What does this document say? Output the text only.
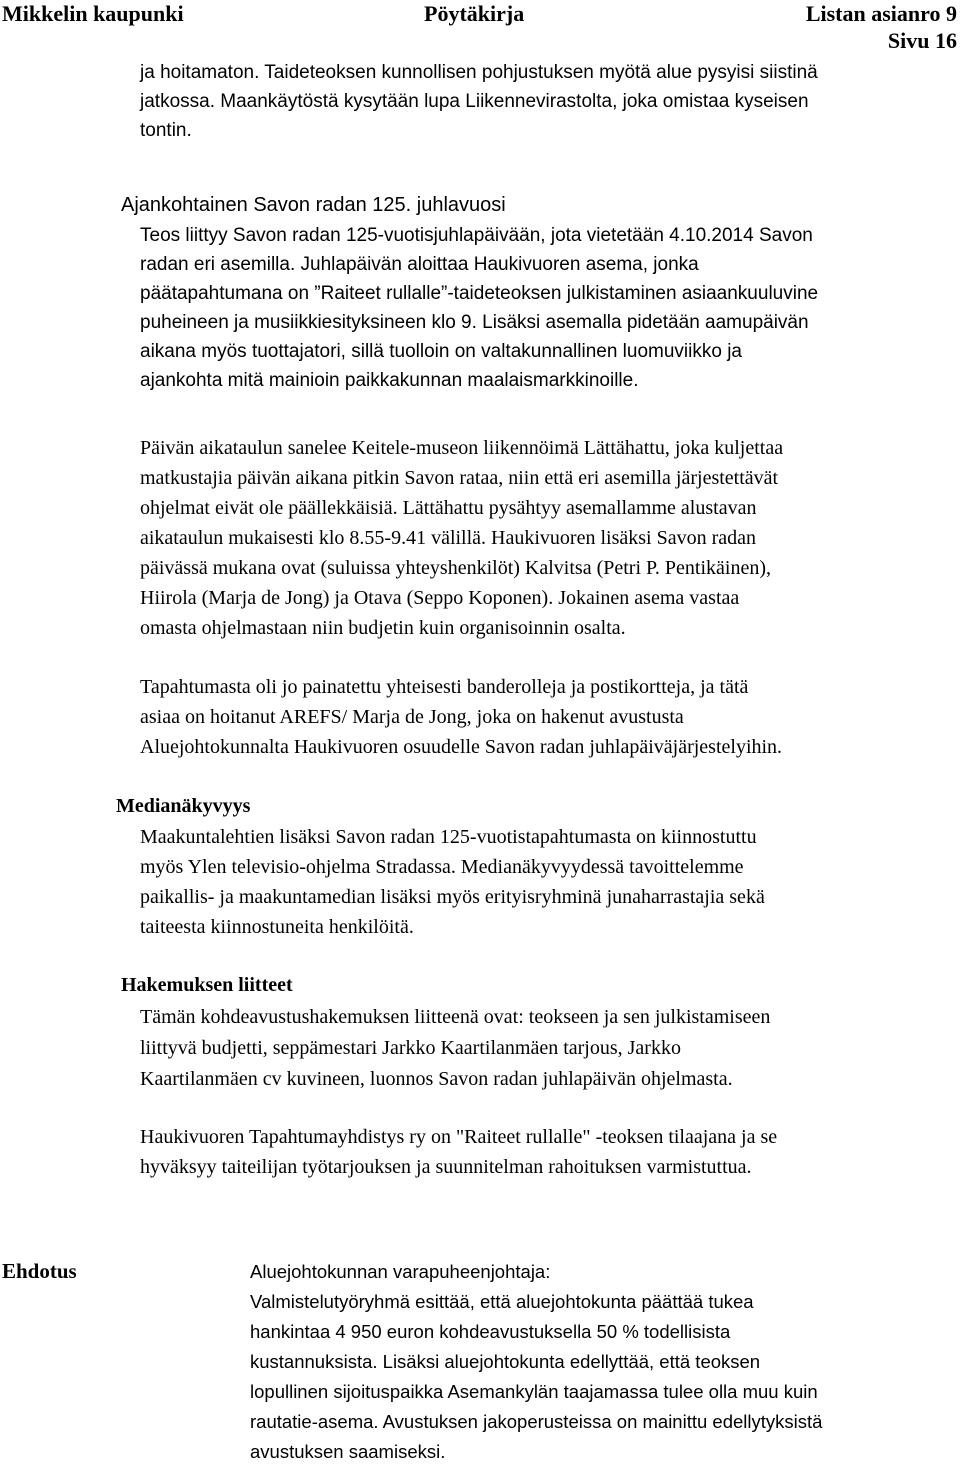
Mikkelin kaupunki	Pöytäkirja	Listan asianro 9
Sivu 16

ja hoitamaton. Taideteoksen kunnollisen pohjustuksen myötä alue pysyisi siistinä

jatkossa. Maankäytöstä kysytään lupa Liikennevirastolta, joka omistaa kyseisen

tontin.

Ajankohtainen Savon radan 125. juhlavuosi

Teos liittyy Savon radan 125-vuotisjuhlapäivään, jota vietetään 4.10.2014 Savon

radan eri asemilla. Juhlapäivän aloittaa Haukivuoren asema, jonka

päätapahtumana on ”Raiteet rullalle”-taideteoksen julkistaminen asiaankuuluvine

puheineen ja musiikkiesityksineen klo 9. Lisäksi asemalla pidetään aamupäivän

aikana myös tuottajatori, sillä tuolloin on valtakunnallinen luomuviikko ja

ajankohta mitä mainioin paikkakunnan maalaismarkkinoille.

Päivän aikataulun sanelee Keitele-museon liikennöimä Lättähattu, joka kuljettaa

matkustajia päivän aikana pitkin Savon rataa, niin että eri asemilla järjestettävät

ohjelmat eivät ole päällekkäisiä. Lättähattu pysähtyy asemallamme alustavan

aikataulun mukaisesti klo 8.55-9.41 välillä. Haukivuoren lisäksi Savon radan

päivässä mukana ovat (suluissa yhteyshenkilöt) Kalvitsa (Petri P. Pentikäinen),

Hiirola (Marja de Jong) ja Otava (Seppo Koponen). Jokainen asema vastaa

omasta ohjelmastaan niin budjetin kuin organisoinnin osalta.

Tapahtumasta oli jo painatettu yhteisesti banderolleja ja postikortteja, ja tätä

asiaa on hoitanut AREFS/ Marja de Jong, joka on hakenut avustusta

Aluejohtokunnalta Haukivuoren osuudelle Savon radan juhlapäiväjärjestelyihin.

Medianäkyvyys

Maakuntalehtien lisäksi Savon radan 125-vuotistapahtumasta on kiinnostuttu

myös Ylen televisio-ohjelma Stradassa. Medianäkyvyydessä tavoittelemme

paikallis- ja maakuntamedian lisäksi myös erityisryhminä junaharrastajia sekä

taiteesta kiinnostuneita henkilöitä.

Hakemuksen liitteet

Tämän kohdeavustushakemuksen liitteenä ovat: teokseen ja sen julkistamiseen

liittyvä budjetti, seppämestari Jarkko Kaartilanmäen tarjous, Jarkko

Kaartilanmäen cv kuvineen, luonnos Savon radan juhlapäivän ohjelmasta.

Haukivuoren Tapahtumayhdistys ry on "Raiteet rullalle" -teoksen tilaajana ja se

hyväksyy taiteilijan työtarjouksen ja suunnitelman rahoituksen varmistuttua.

Ehdotus	Aluejohtokunnan varapuheenjohtaja:

Valmistelutyöryhmä esittää, että aluejohtokunta päättää tukea

hankintaa 4 950 euron kohdeavustuksella 50 % todellisista

kustannuksista. Lisäksi aluejohtokunta edellyttää, että teoksen

lopullinen sijoituspaikka Asemankylän taajamassa tulee olla muu kuin

rautatie-asema. Avustuksen jakoperusteissa on mainittu edellytyksistä

avustuksen saamiseksi.
